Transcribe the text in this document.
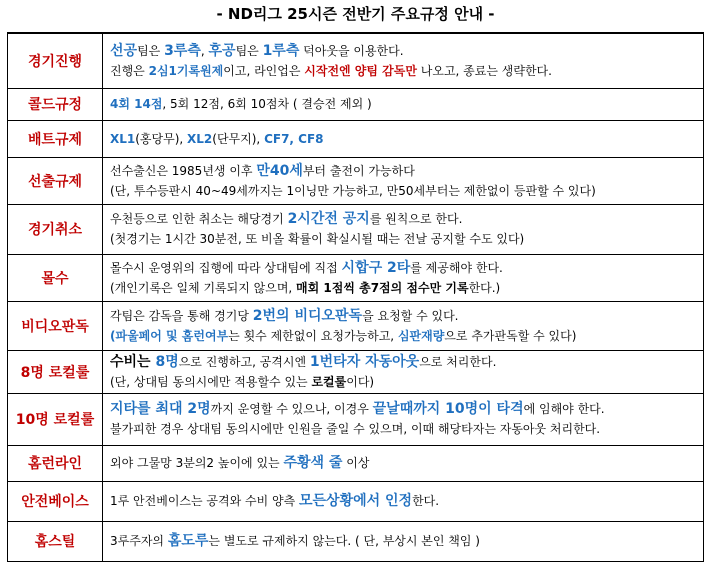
- ND리그 25시즌 전반기 주요규정 안내 -
경기진행	선공팀은 3루측, 후공팀은 1루측 덕아웃을 이용한다.
진행은 2심1기록원제이고, 라인업은 시작전엔 양팀 감독만 나오고, 종료는 생략한다.

콜드규정	4회 14점, 5회 12점, 6회 10점차 ( 결승전 제외 )

배트규제	XL1(홍당무), XL2(단무지), CF7, CF8

선출규제	선수출신은 1985년생 이후 만40세부터 출전이 가능하다
(단, 투수등판시 40~49세까지는 1이닝만 가능하고, 만50세부터는 제한없이 등판할 수 있다)

경기취소	우천등으로 인한 취소는 해당경기 2시간전 공지를 원칙으로 한다.
(첫경기는 1시간 30분전, 또 비올 확률이 확실시될 때는 전날 공지할 수도 있다)

몰수	몰수시 운영위의 집행에 따라 상대팀에 직접 시합구 2타를 제공해야 한다.
(개인기록은 일체 기록되지 않으며, 매회 1점씩 총7점의 점수만 기록한다.)

비디오판독	각팀은 감독을 통해 경기당 2번의 비디오판독을 요청할 수 있다.
(파울페어 및 홈런여부는 횟수 제한없이 요청가능하고, 심판재량으로 추가판독할 수 있다)

8명 로컬룰	수비는 8명으로 진행하고, 공격시엔 1번타자 자동아웃으로 처리한다.
(단, 상대팀 동의시에만 적용할수 있는 로컬룰이다)

10명 로컬룰	지타를 최대 2명까지 운영할 수 있으나, 이경우 끝날때까지 10명이 타격에 임해야 한다.
불가피한 경우 상대팀 동의시에만 인원을 줄일 수 있으며, 이때 해당타자는 자동아웃 처리한다.

홈런라인	외야 그물망 3분의2 높이에 있는 주황색 줄 이상

안전베이스	1루 안전베이스는 공격와 수비 양측 모든상황에서 인정한다.

홈스틸	3루주자의 홈도루는 별도로 규제하지 않는다. ( 단, 부상시 본인 책임 )
